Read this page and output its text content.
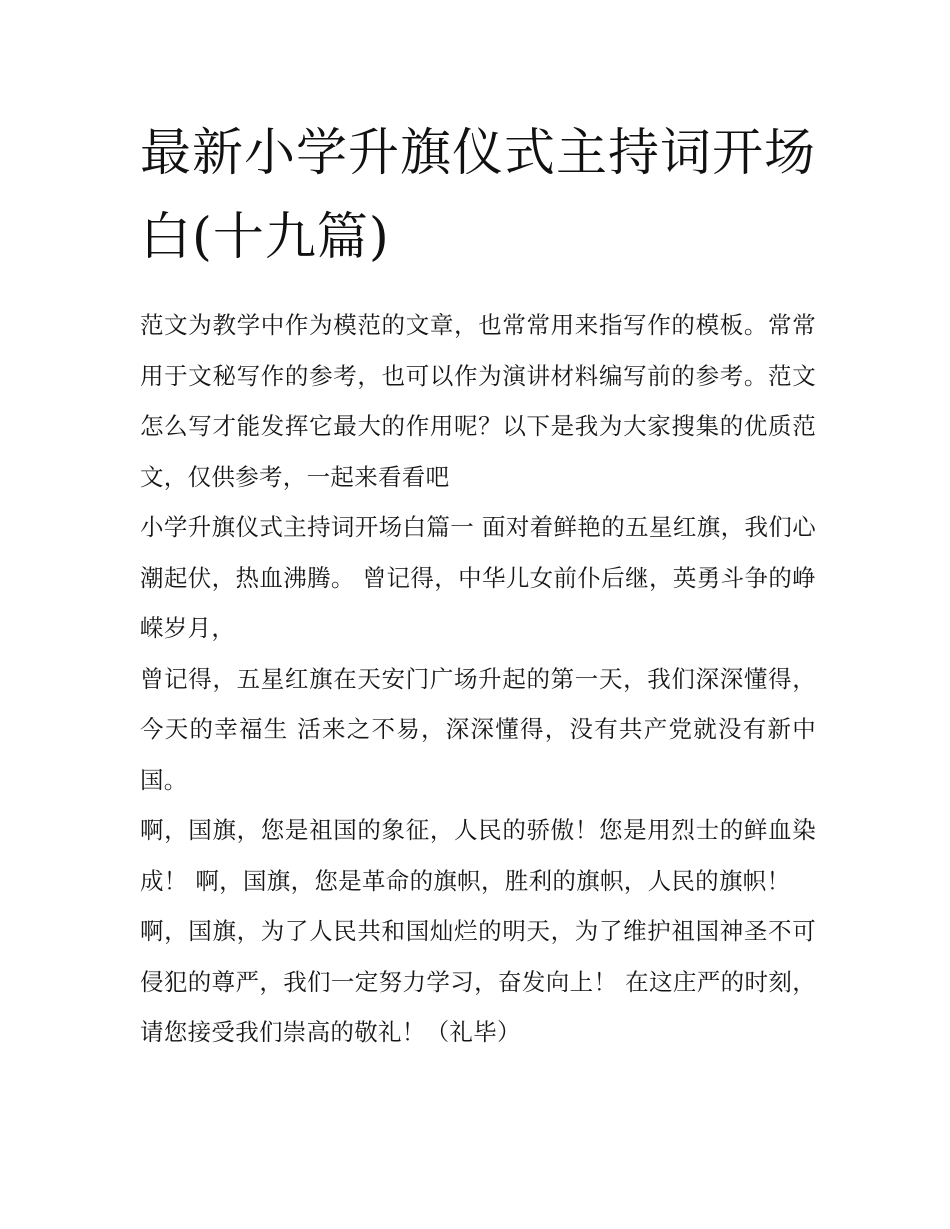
最新小学升旗仪式主持词开场白(十九篇)

范文为教学中作为模范的文章，也常常用来指写作的模板。常常用于文秘写作的参考，也可以作为演讲材料编写前的参考。范文怎么写才能发挥它最大的作用呢？以下是我为大家搜集的优质范文，仅供参考，一起来看看吧

小学升旗仪式主持词开场白篇一 面对着鲜艳的五星红旗，我们心潮起伏，热血沸腾。 曾记得，中华儿女前仆后继，英勇斗争的峥嵘岁月，

曾记得，五星红旗在天安门广场升起的第一天，我们深深懂得，今天的幸福生 活来之不易，深深懂得，没有共产党就没有新中国。

啊，国旗，您是祖国的象征，人民的骄傲！您是用烈士的鲜血染成！ 啊，国旗，您是革命的旗帜，胜利的旗帜，人民的旗帜！

啊，国旗，为了人民共和国灿烂的明天，为了维护祖国神圣不可侵犯的尊严，我们一定努力学习，奋发向上！ 在这庄严的时刻，请您接受我们崇高的敬礼！（礼毕）
